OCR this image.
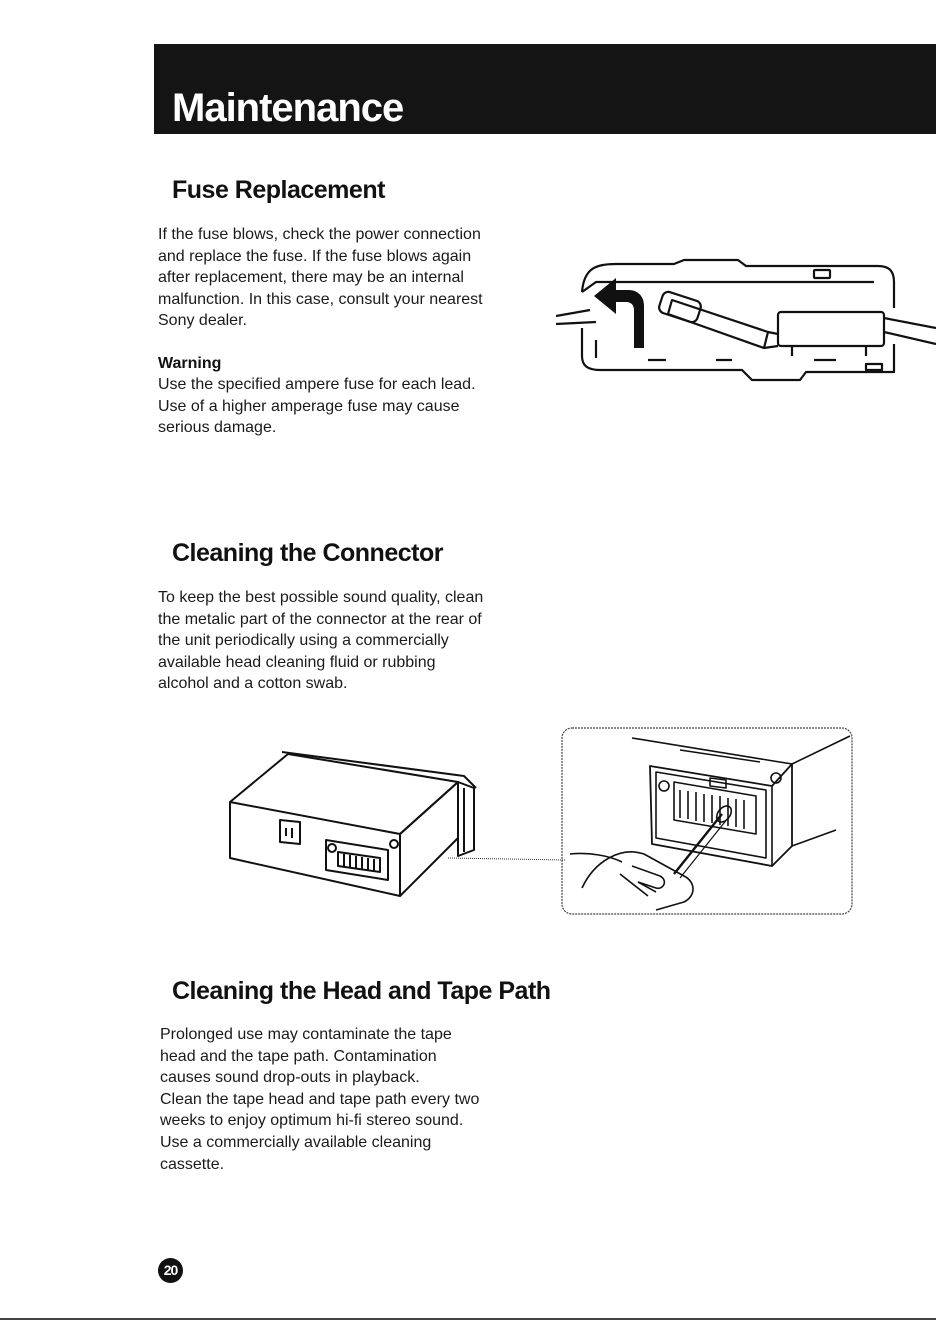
Maintenance
Fuse Replacement

If the fuse blows, check the power connection
and replace the fuse. If the fuse blows again
after replacement, there may be an internal
malfunction. In this case, consult your nearest
Sony dealer.

Warning

Use the specified ampere fuse for each lead.
Use of a higher amperage fuse may cause
serious damage.

Cleaning the Connector

To keep the best possible sound quality, clean
the metalic part of the connector at the rear of
the unit periodically using a commercially
available head cleaning fluid or rubbing
alcohol and a cotton swab.

Cleaning the Head and Tape Path

Prolonged use may contaminate the tape
head and the tape path. Contamination
causes sound drop-outs in playback.
Clean the tape head and tape path every two
weeks to enjoy optimum hi-fi stereo sound.
Use a commercially available cleaning
cassette.

20
